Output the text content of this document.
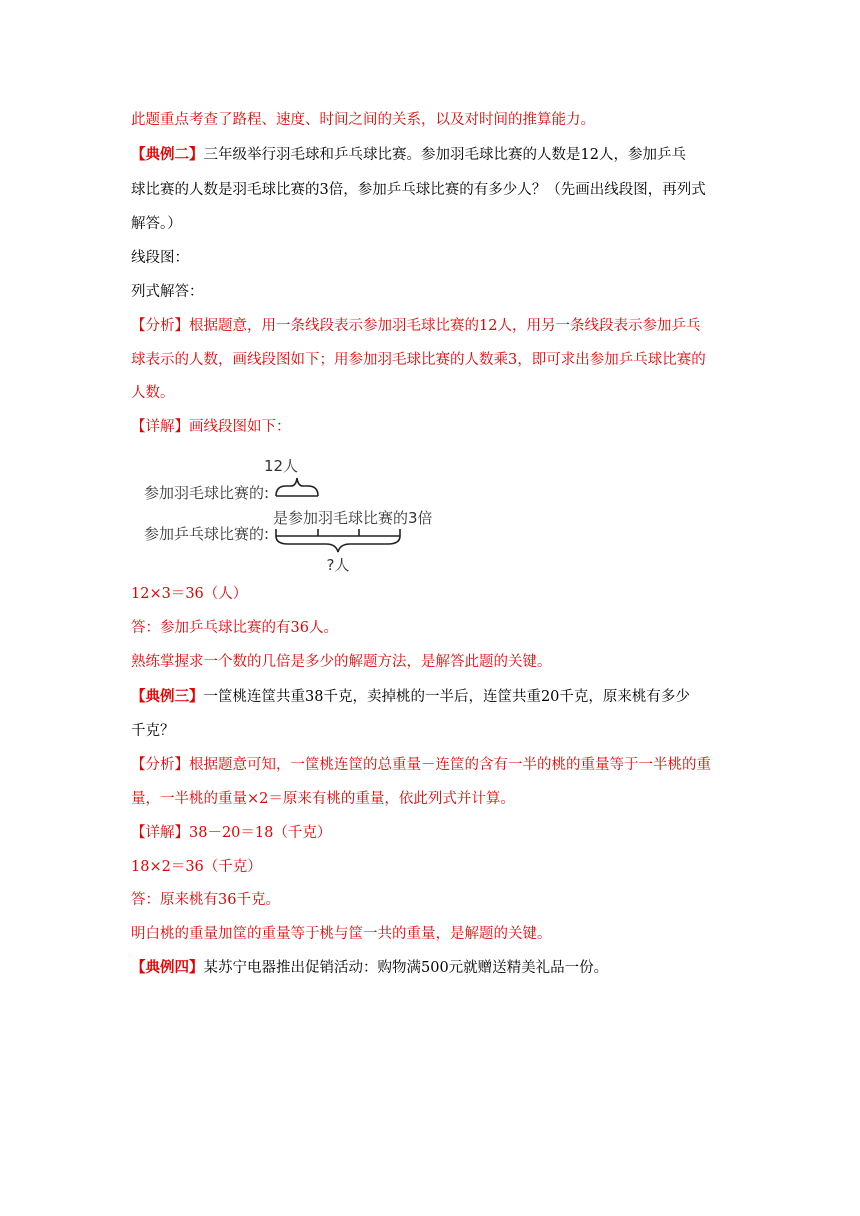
此题重点考查了路程、速度、时间之间的关系，以及对时间的推算能力。
【典例二】三年级举行羽毛球和乒乓球比赛。参加羽毛球比赛的人数是12人，参加乒乓
球比赛的人数是羽毛球比赛的3倍，参加乒乓球比赛的有多少人？（先画出线段图，再列式
解答。）
线段图：
列式解答：
【分析】根据题意，用一条线段表示参加羽毛球比赛的12人，用另一条线段表示参加乒乓
球表示的人数，画线段图如下；用参加羽毛球比赛的人数乘3，即可求出参加乒乓球比赛的
人数。
【详解】画线段图如下：
12人
参加羽毛球比赛的:
是参加羽毛球比赛的3倍
参加乒乓球比赛的:
?人
12×3＝36（人）
答：参加乒乓球比赛的有36人。
熟练掌握求一个数的几倍是多少的解题方法，是解答此题的关键。
【典例三】一筐桃连筐共重38千克，卖掉桃的一半后，连筐共重20千克，原来桃有多少
千克？
【分析】根据题意可知，一筐桃连筐的总重量－连筐的含有一半的桃的重量等于一半桃的重
量，一半桃的重量×2＝原来有桃的重量，依此列式并计算。
【详解】38－20＝18（千克）
18×2＝36（千克）
答：原来桃有36千克。
明白桃的重量加筐的重量等于桃与筐一共的重量，是解题的关键。
【典例四】某苏宁电器推出促销活动：购物满500元就赠送精美礼品一份。
